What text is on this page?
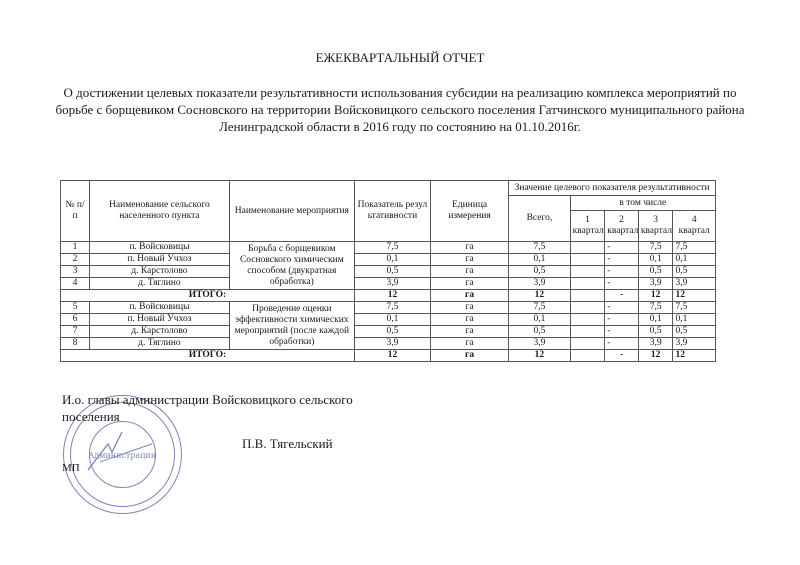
ЕЖЕКВАРТАЛЬНЫЙ ОТЧЕТ
О достижении целевых показатели результативности использования субсидии на реализацию комплекса мероприятий по борьбе с борщевиком Сосновского на территории Войсковицкого сельского поселения Гатчинского муниципального района Ленинградской области в 2016 году по состоянию на 01.10.2016г.
№ п/п	Наименование сельского населенного пункта	Наименование мероприятия	Показатель результативности	Единица измерения	Значение целевого показателя результативности				
					Всего,	в том числе			
						1 квартал	2 квартал	3 квартал	4 квартал
1	п. Войсковицы	Борьба с борщевиком Сосновского химическим способом (двукратная обработка)	7,5	га	7,5		-	7,5	7,5
2	п. Новый Учхоз		0,1	га	0,1		-	0,1	0,1
3	д. Карстолово		0,5	га	0,5		-	0,5	0,5
4	д. Тяглино		3,9	га	3,9		-	3,9	3,9
ИТОГО:			12	га	12		-	12	12
5	п. Войсковицы	Проведение оценки эффективности химических мероприятий (после каждой обработки)	7,5	га	7,5		-	7,5	7,5
6	п. Новый Учхоз		0,1	га	0,1		-	0,1	0,1
7	д. Карстолово		0,5	га	0,5		-	0,5	0,5
8	д. Тяглино		3,9	га	3,9		-	3,9	3,9
ИТОГО:			12	га	12		-	12	12
Администрация
И.о. главы администрации Войсковицкого сельского поселения
П.В. Тягельский
МП
